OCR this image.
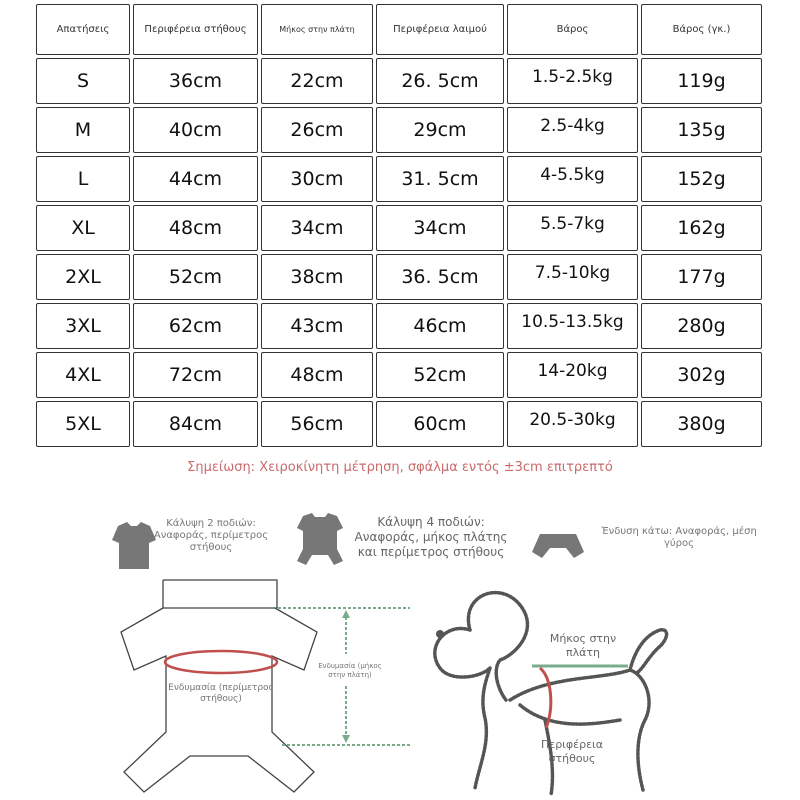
Απατήσεις	Περιφέρεια στήθους	Μήκος στην πλάτη	Περιφέρεια λαιμού	Βάρος	Βάρος (γκ.)
S	36cm	22cm	26. 5cm	1.5-2.5kg	119g
M	40cm	26cm	29cm	2.5-4kg	135g
L	44cm	30cm	31. 5cm	4-5.5kg	152g
XL	48cm	34cm	34cm	5.5-7kg	162g
2XL	52cm	38cm	36. 5cm	7.5-10kg	177g
3XL	62cm	43cm	46cm	10.5-13.5kg	280g
4XL	72cm	48cm	52cm	14-20kg	302g
5XL	84cm	56cm	60cm	20.5-30kg	380g
Σημείωση: Χειροκίνητη μέτρηση, σφάλμα εντός ±3cm επιτρεπτό
Κάλυψη 2 ποδιών: Αναφοράς, περίμετρος στήθους
Κάλυψη 4 ποδιών: Αναφοράς, μήκος πλάτης και περίμετρος στήθους
Ένδυση κάτω: Αναφοράς, μέση γύρος
Ενδυμασία (περίμετρος στήθους)
Ενδυμασία (μήκος στην πλάτη)
Μήκος στην πλάτη
Περιφέρεια στήθους
